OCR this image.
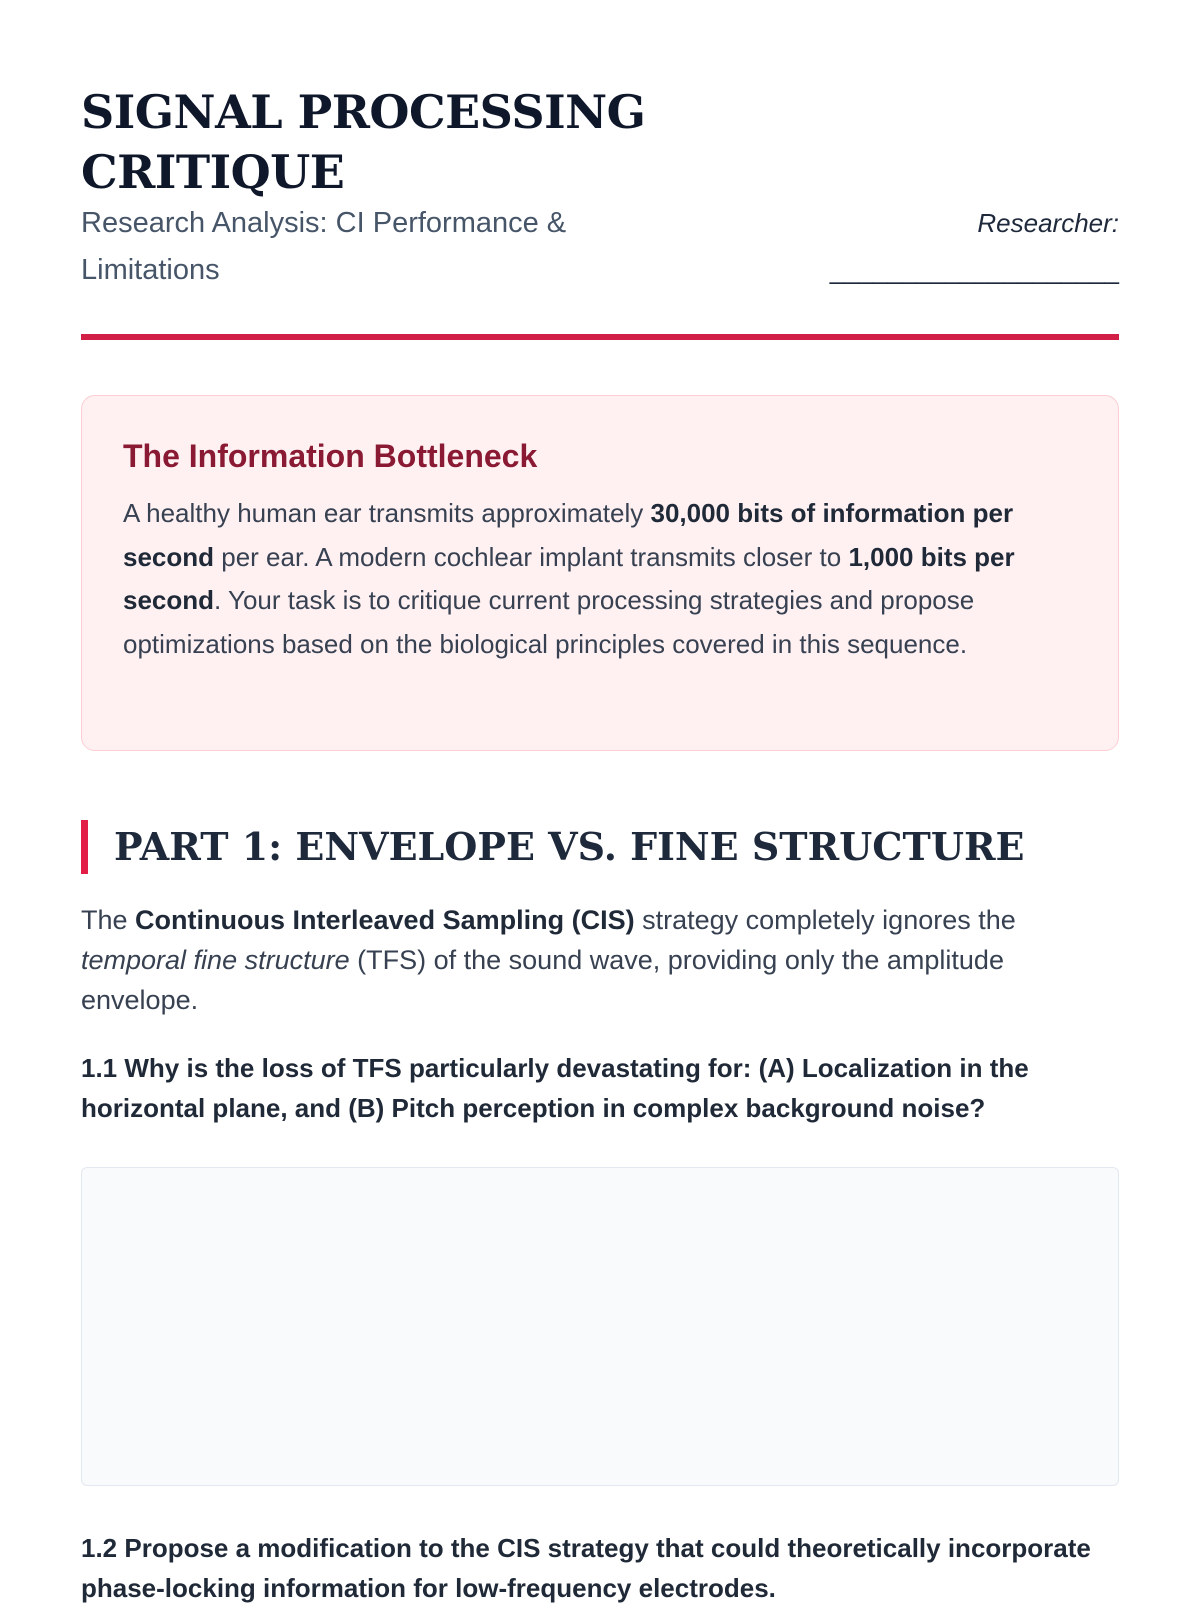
SIGNAL PROCESSING CRITIQUE
Research Analysis: CI Performance & Limitations
Researcher:
____________________
The Information Bottleneck

A healthy human ear transmits approximately 30,000 bits of information per second per ear. A modern cochlear implant transmits closer to 1,000 bits per second. Your task is to critique current processing strategies and propose optimizations based on the biological principles covered in this sequence.

PART 1: ENVELOPE VS. FINE STRUCTURE

The Continuous Interleaved Sampling (CIS) strategy completely ignores the temporal fine structure (TFS) of the sound wave, providing only the amplitude envelope.

1.1 Why is the loss of TFS particularly devastating for: (A) Localization in the horizontal plane, and (B) Pitch perception in complex background noise?

1.2 Propose a modification to the CIS strategy that could theoretically incorporate phase-locking information for low-frequency electrodes.
